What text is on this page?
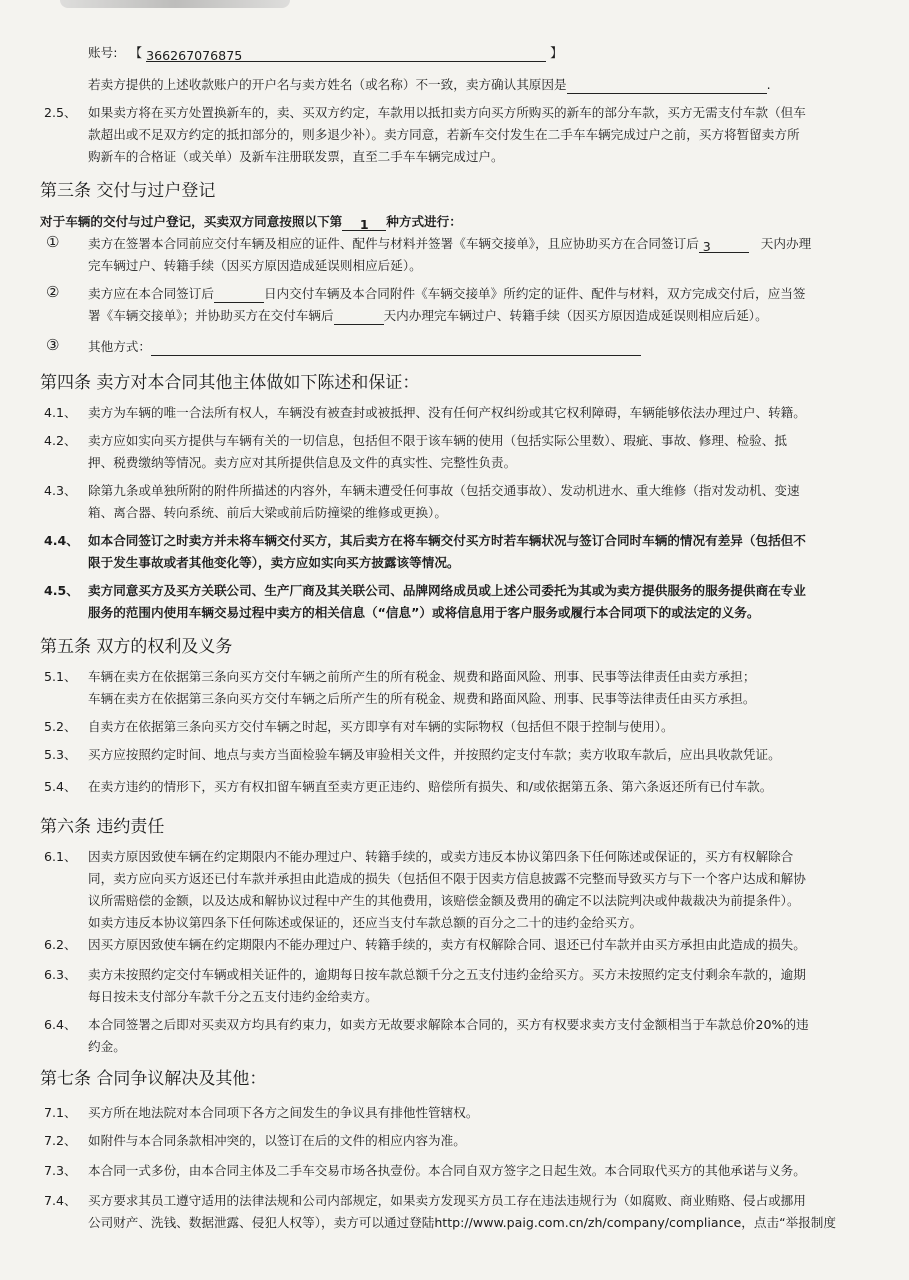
账号: 【 366267076875	】
若卖方提供的上述收款账户的开户名与卖方姓名（或名称）不一致，卖方确认其原因是	.
2.5、 如果卖方将在买方处置换新车的，卖、买双方约定，车款用以抵扣卖方向买方所购买的新车的部分车款，买方无需支付车款（但车
款超出或不足双方约定的抵扣部分的，则多退少补）。卖方同意，若新车交付发生在二手车车辆完成过户之前，买方将暂留卖方所
购新车的合格证（或关单）及新车注册联发票，直至二手车车辆完成过户。
第三条 交付与过户登记
对于车辆的交付与过户登记，买卖双方同意按照以下第 1 种方式进行：
① 卖方在签署本合同前应交付车辆及相应的证件、配件与材料并签署《车辆交接单》，且应协助买方在合同签订后 3	天内办理
完车辆过户、转籍手续（因买方原因造成延误则相应后延）。
② 卖方应在本合同签订后	日内交付车辆及本合同附件《车辆交接单》所约定的证件、配件与材料，双方完成交付后，应当签
署《车辆交接单》；并协助买方在交付车辆后	天内办理完车辆过户、转籍手续（因买方原因造成延误则相应后延）。
③ 其他方式：
第四条 卖方对本合同其他主体做如下陈述和保证：
4.1、 卖方为车辆的唯一合法所有权人，车辆没有被查封或被抵押、没有任何产权纠纷或其它权利障碍，车辆能够依法办理过户、转籍。
4.2、 卖方应如实向买方提供与车辆有关的一切信息，包括但不限于该车辆的使用（包括实际公里数）、瑕疵、事故、修理、检验、抵
押、税费缴纳等情况。卖方应对其所提供信息及文件的真实性、完整性负责。
4.3、 除第九条或单独所附的附件所描述的内容外，车辆未遭受任何事故（包括交通事故）、发动机进水、重大维修（指对发动机、变速
箱、离合器、转向系统、前后大梁或前后防撞梁的维修或更换）。
4.4、 如本合同签订之时卖方并未将车辆交付买方，其后卖方在将车辆交付买方时若车辆状况与签订合同时车辆的情况有差异（包括但不
限于发生事故或者其他变化等），卖方应如实向买方披露该等情况。
4.5、 卖方同意买方及买方关联公司、生产厂商及其关联公司、品牌网络成员或上述公司委托为其或为卖方提供服务的服务提供商在专业
服务的范围内使用车辆交易过程中卖方的相关信息（“信息”）或将信息用于客户服务或履行本合同项下的或法定的义务。
第五条 双方的权利及义务
5.1、 车辆在卖方在依据第三条向买方交付车辆之前所产生的所有税金、规费和路面风险、刑事、民事等法律责任由卖方承担；
车辆在卖方在依据第三条向买方交付车辆之后所产生的所有税金、规费和路面风险、刑事、民事等法律责任由买方承担。
5.2、 自卖方在依据第三条向买方交付车辆之时起，买方即享有对车辆的实际物权（包括但不限于控制与使用）。
5.3、 买方应按照约定时间、地点与卖方当面检验车辆及审验相关文件，并按照约定支付车款；卖方收取车款后，应出具收款凭证。
5.4、 在卖方违约的情形下，买方有权扣留车辆直至卖方更正违约、赔偿所有损失、和/或依据第五条、第六条返还所有已付车款。
第六条 违约责任
6.1、 因卖方原因致使车辆在约定期限内不能办理过户、转籍手续的，或卖方违反本协议第四条下任何陈述或保证的，买方有权解除合
同，卖方应向买方返还已付车款并承担由此造成的损失（包括但不限于因卖方信息披露不完整而导致买方与下一个客户达成和解协
议所需赔偿的金额，以及达成和解协议过程中产生的其他费用，该赔偿金额及费用的确定不以法院判决或仲裁裁决为前提条件）。
如卖方违反本协议第四条下任何陈述或保证的，还应当支付车款总额的百分之二十的违约金给买方。
6.2、 因买方原因致使车辆在约定期限内不能办理过户、转籍手续的，卖方有权解除合同、退还已付车款并由买方承担由此造成的损失。
6.3、 卖方未按照约定交付车辆或相关证件的，逾期每日按车款总额千分之五支付违约金给买方。买方未按照约定支付剩余车款的，逾期
每日按未支付部分车款千分之五支付违约金给卖方。
6.4、 本合同签署之后即对买卖双方均具有约束力，如卖方无故要求解除本合同的，买方有权要求卖方支付金额相当于车款总价20%的违
约金。
第七条 合同争议解决及其他：
7.1、 买方所在地法院对本合同项下各方之间发生的争议具有排他性管辖权。
7.2、 如附件与本合同条款相冲突的，以签订在后的文件的相应内容为准。
7.3、 本合同一式多份，由本合同主体及二手车交易市场各执壹份。本合同自双方签字之日起生效。本合同取代买方的其他承诺与义务。
7.4、 买方要求其员工遵守适用的法律法规和公司内部规定，如果卖方发现买方员工存在违法违规行为（如腐败、商业贿赂、侵占或挪用
公司财产、洗钱、数据泄露、侵犯人权等），卖方可以通过登陆http://www.paig.com.cn/zh/company/compliance，点击“举报制度
